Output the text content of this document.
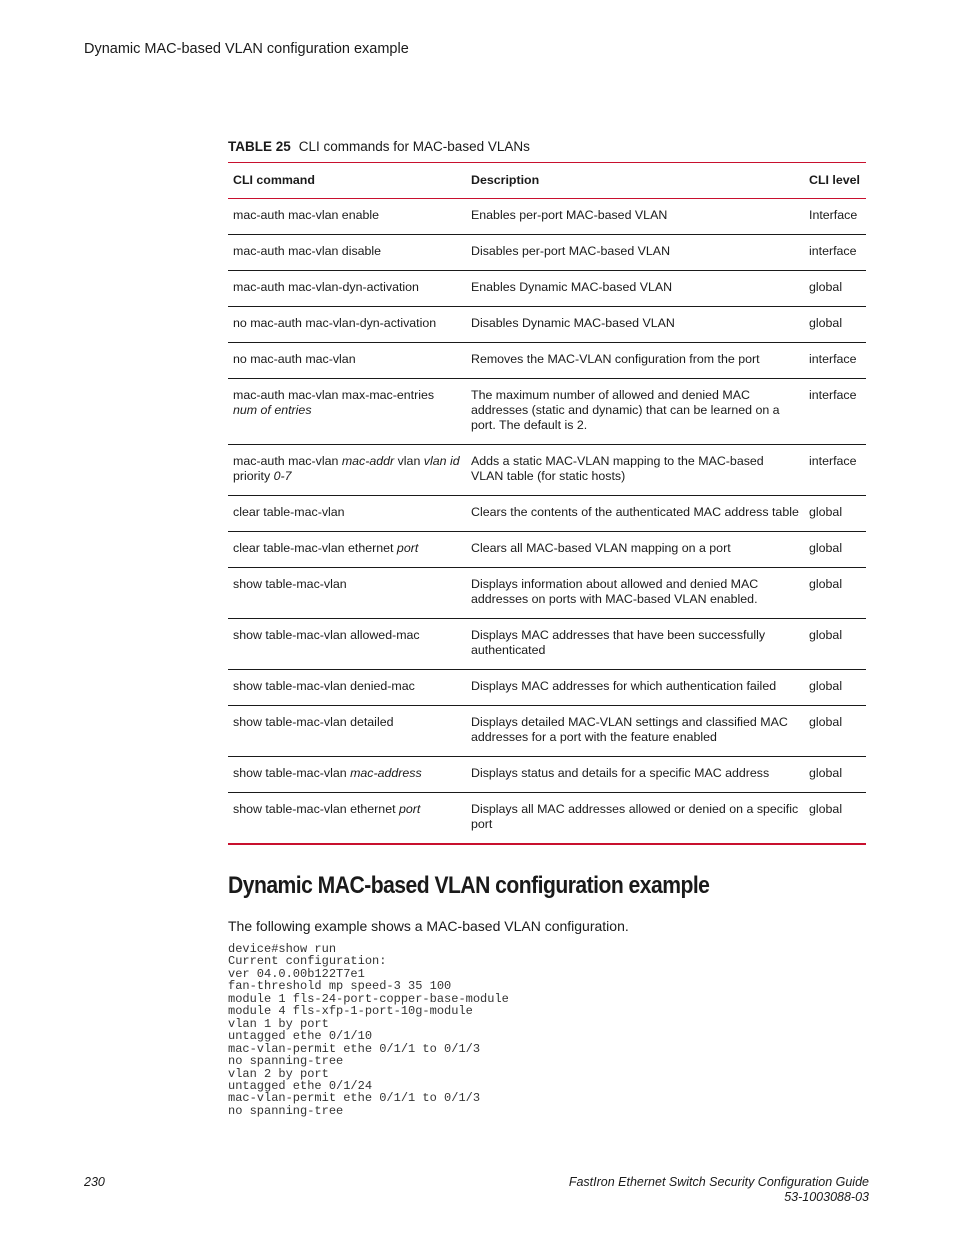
Dynamic MAC-based VLAN configuration example
TABLE 25 CLI commands for MAC-based VLANs
CLI command	Description	CLI level
mac-auth mac-vlan enable	Enables per-port MAC-based VLAN	Interface
mac-auth mac-vlan disable	Disables per-port MAC-based VLAN	interface
mac-auth mac-vlan-dyn-activation	Enables Dynamic MAC-based VLAN	global
no mac-auth mac-vlan-dyn-activation	Disables Dynamic MAC-based VLAN	global
no mac-auth mac-vlan	Removes the MAC-VLAN configuration from the port	interface
mac-auth mac-vlan max-mac-entries
num of entries	The maximum number of allowed and denied MAC addresses (static and dynamic) that can be learned on a port. The default is 2.	interface
mac-auth mac-vlan mac-addr vlan vlan id
priority 0-7	Adds a static MAC-VLAN mapping to the MAC-based VLAN table (for static hosts)	interface
clear table-mac-vlan	Clears the contents of the authenticated MAC address table	global
clear table-mac-vlan ethernet port	Clears all MAC-based VLAN mapping on a port	global
show table-mac-vlan	Displays information about allowed and denied MAC addresses on ports with MAC-based VLAN enabled.	global
show table-mac-vlan allowed-mac	Displays MAC addresses that have been successfully authenticated	global
show table-mac-vlan denied-mac	Displays MAC addresses for which authentication failed	global
show table-mac-vlan detailed	Displays detailed MAC-VLAN settings and classified MAC addresses for a port with the feature enabled	global
show table-mac-vlan mac-address	Displays status and details for a specific MAC address	global
show table-mac-vlan ethernet port	Displays all MAC addresses allowed or denied on a specific port	global
Dynamic MAC-based VLAN configuration example
The following example shows a MAC-based VLAN configuration.
device#show run
Current configuration:
ver 04.0.00b122T7e1
fan-threshold mp speed-3 35 100
module 1 fls-24-port-copper-base-module
module 4 fls-xfp-1-port-10g-module
vlan 1 by port
untagged ethe 0/1/10
mac-vlan-permit ethe 0/1/1 to 0/1/3
no spanning-tree
vlan 2 by port
untagged ethe 0/1/24
mac-vlan-permit ethe 0/1/1 to 0/1/3
no spanning-tree
230	FastIron Ethernet Switch Security Configuration Guide
53-1003088-03
